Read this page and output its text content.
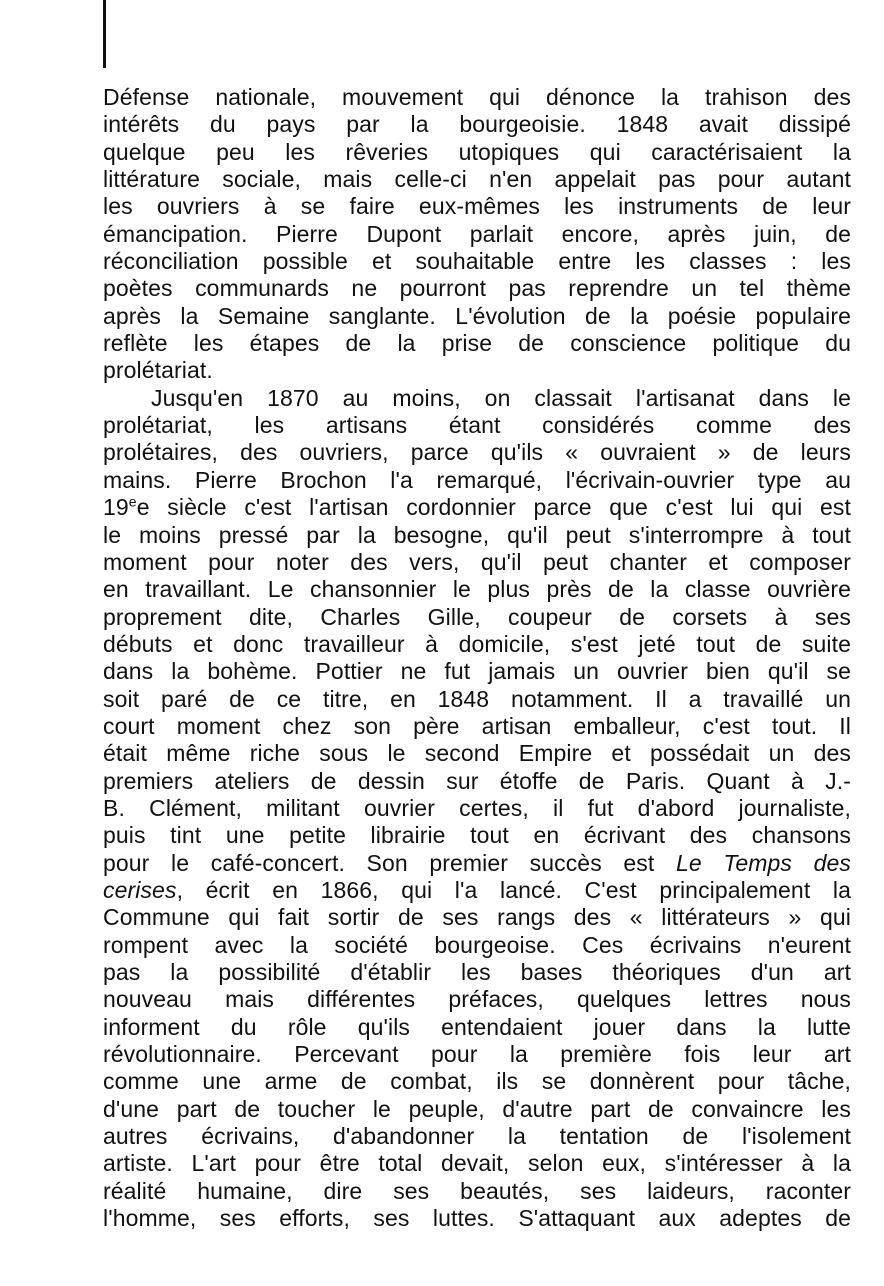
Défense nationale, mouvement qui dénonce la trahison des
intérêts du pays par la bourgeoisie. 1848 avait dissipé
quelque peu les rêveries utopiques qui caractérisaient la
littérature sociale, mais celle-ci n'en appelait pas pour autant
les ouvriers à se faire eux-mêmes les instruments de leur
émancipation. Pierre Dupont parlait encore, après juin, de
réconciliation possible et souhaitable entre les classes : les
poètes communards ne pourront pas reprendre un tel thème
après la Semaine sanglante. L'évolution de la poésie populaire
reflète les étapes de la prise de conscience politique du
prolétariat.
Jusqu'en 1870 au moins, on classait l'artisanat dans le
prolétariat, les artisans étant considérés comme des
prolétaires, des ouvriers, parce qu'ils « ouvraient » de leurs
mains. Pierre Brochon l'a remarqué, l'écrivain-ouvrier type au
19ee siècle c'est l'artisan cordonnier parce que c'est lui qui est
le moins pressé par la besogne, qu'il peut s'interrompre à tout
moment pour noter des vers, qu'il peut chanter et composer
en travaillant. Le chansonnier le plus près de la classe ouvrière
proprement dite, Charles Gille, coupeur de corsets à ses
débuts et donc travailleur à domicile, s'est jeté tout de suite
dans la bohème. Pottier ne fut jamais un ouvrier bien qu'il se
soit paré de ce titre, en 1848 notamment. Il a travaillé un
court moment chez son père artisan emballeur, c'est tout. Il
était même riche sous le second Empire et possédait un des
premiers ateliers de dessin sur étoffe de Paris. Quant à J.-
B. Clément, militant ouvrier certes, il fut d'abord journaliste,
puis tint une petite librairie tout en écrivant des chansons
pour le café-concert. Son premier succès est Le Temps des
cerises, écrit en 1866, qui l'a lancé. C'est principalement la
Commune qui fait sortir de ses rangs des « littérateurs » qui
rompent avec la société bourgeoise. Ces écrivains n'eurent
pas la possibilité d'établir les bases théoriques d'un art
nouveau mais différentes préfaces, quelques lettres nous
informent du rôle qu'ils entendaient jouer dans la lutte
révolutionnaire. Percevant pour la première fois leur art
comme une arme de combat, ils se donnèrent pour tâche,
d'une part de toucher le peuple, d'autre part de convaincre les
autres écrivains, d'abandonner la tentation de l'isolement
artiste. L'art pour être total devait, selon eux, s'intéresser à la
réalité humaine, dire ses beautés, ses laideurs, raconter
l'homme, ses efforts, ses luttes. S'attaquant aux adeptes de
